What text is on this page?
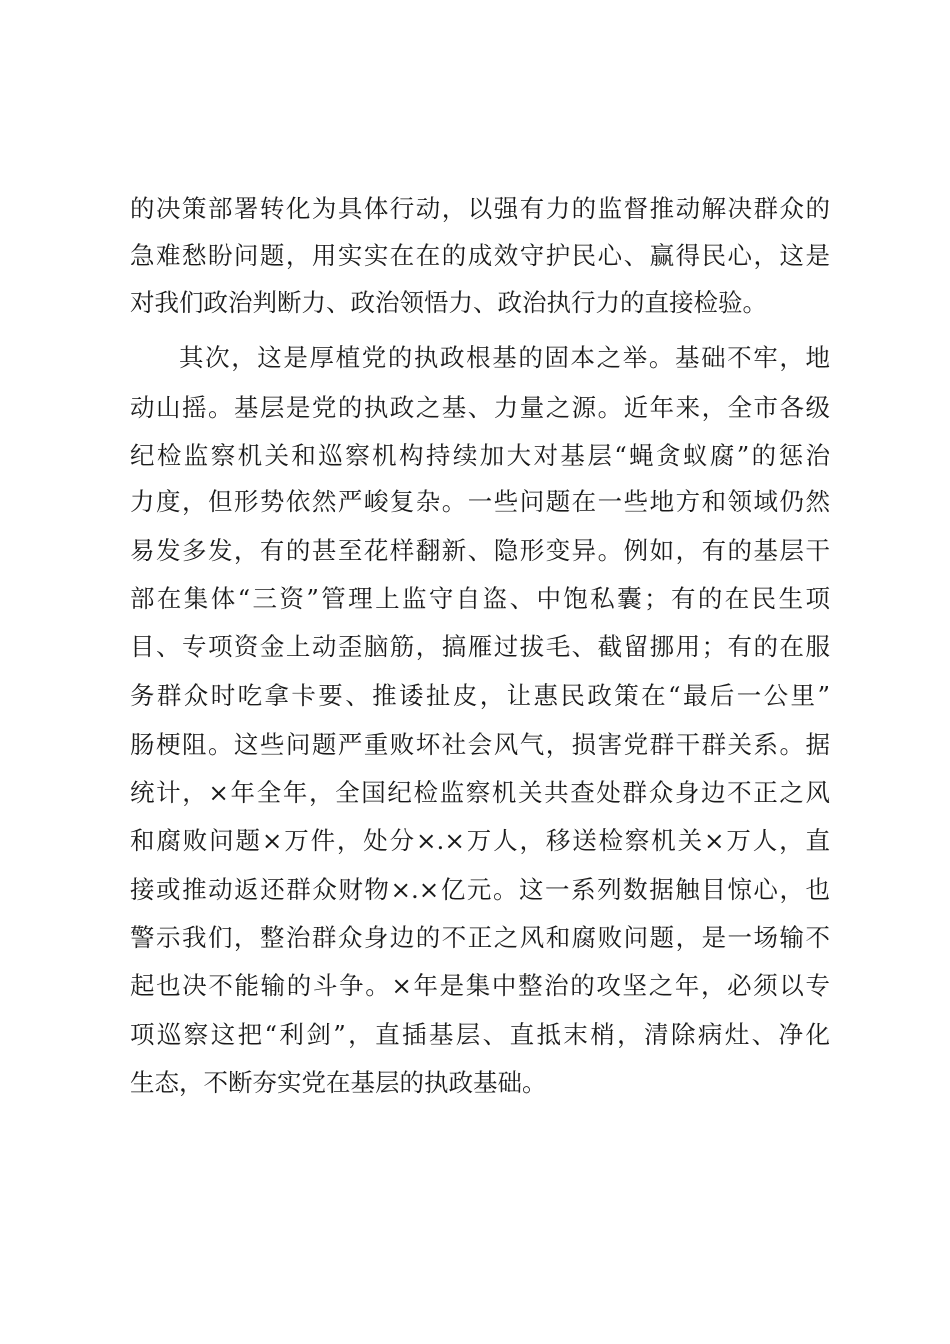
的决策部署转化为具体行动，以强有力的监督推动解决群众的
急难愁盼问题，用实实在在的成效守护民心、赢得民心，这是
对我们政治判断力、政治领悟力、政治执行力的直接检验。
其次，这是厚植党的执政根基的固本之举。基础不牢，地
动山摇。基层是党的执政之基、力量之源。近年来，全市各级
纪检监察机关和巡察机构持续加大对基层“蝇贪蚁腐”的惩治
力度，但形势依然严峻复杂。一些问题在一些地方和领域仍然
易发多发，有的甚至花样翻新、隐形变异。例如，有的基层干
部在集体“三资”管理上监守自盗、中饱私囊；有的在民生项
目、专项资金上动歪脑筋，搞雁过拔毛、截留挪用；有的在服
务群众时吃拿卡要、推诿扯皮，让惠民政策在“最后一公里”
肠梗阻。这些问题严重败坏社会风气，损害党群干群关系。据
统计，×年全年，全国纪检监察机关共查处群众身边不正之风
和腐败问题×万件，处分×.×万人，移送检察机关×万人，直
接或推动返还群众财物×.×亿元。这一系列数据触目惊心，也
警示我们，整治群众身边的不正之风和腐败问题，是一场输不
起也决不能输的斗争。×年是集中整治的攻坚之年，必须以专
项巡察这把“利剑”，直插基层、直抵末梢，清除病灶、净化
生态，不断夯实党在基层的执政基础。
